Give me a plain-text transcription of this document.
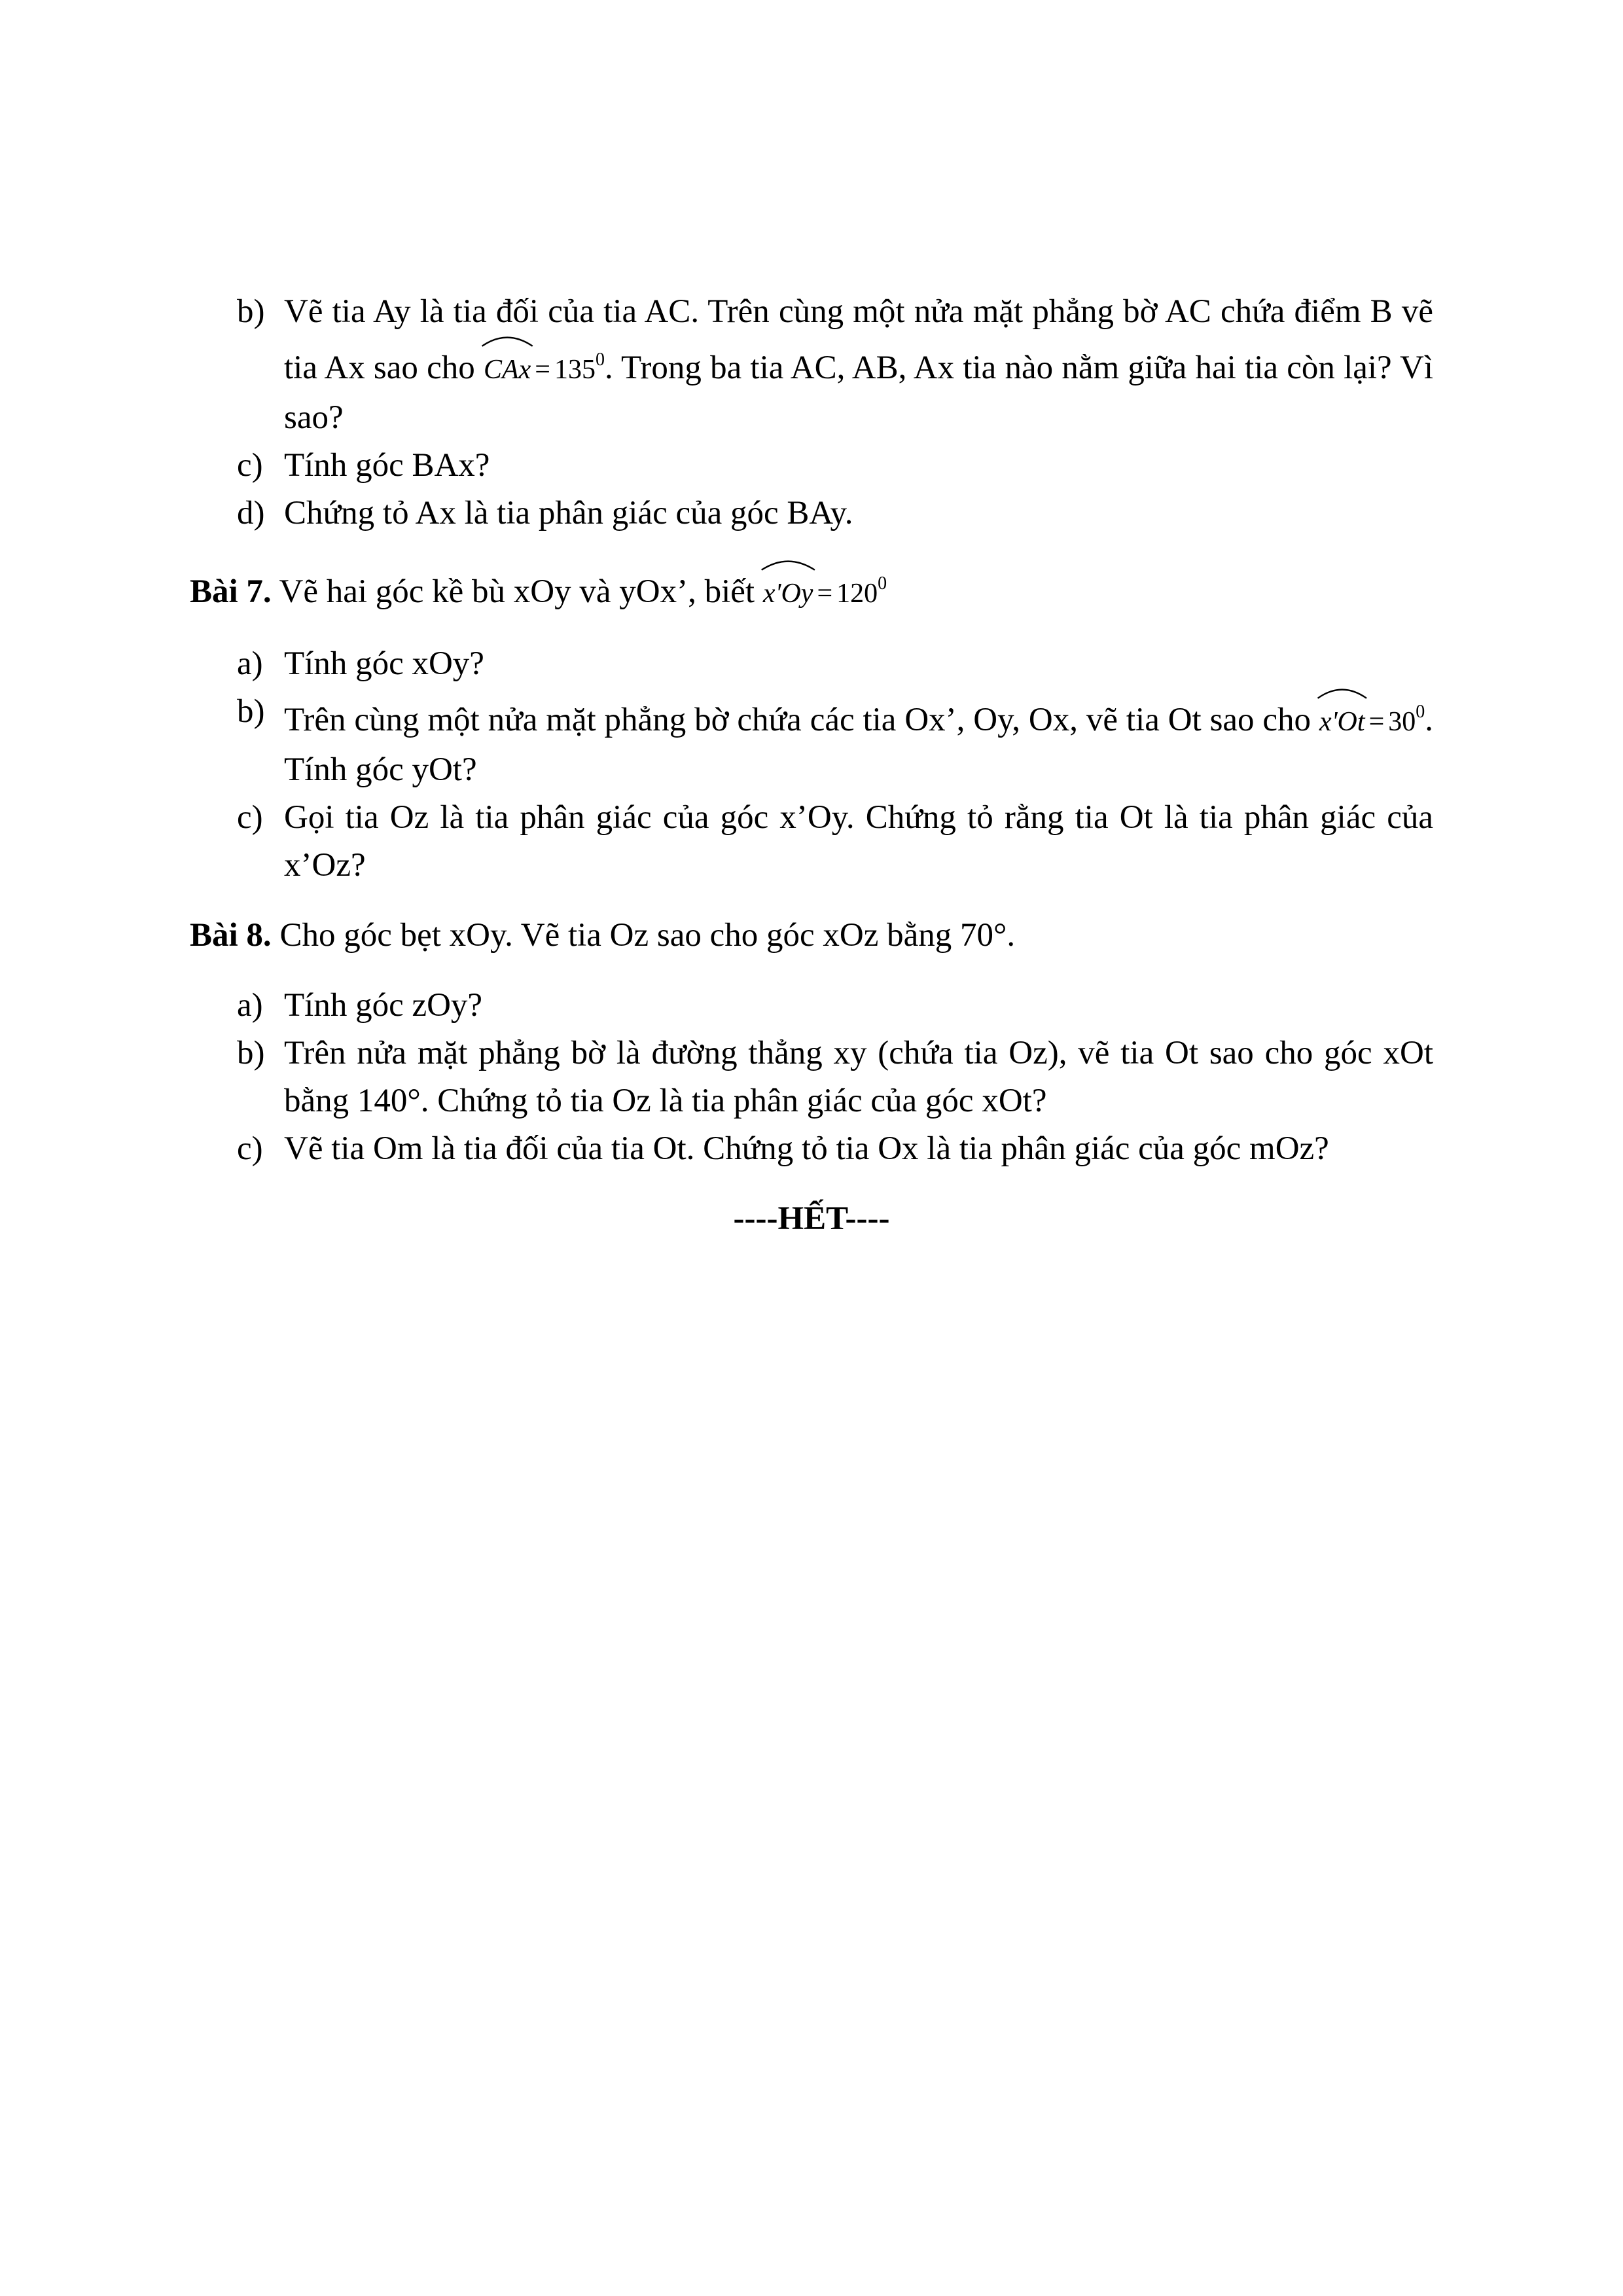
b) Vẽ tia Ay là tia đối của tia AC. Trên cùng một nửa mặt phẳng bờ AC chứa điểm B vẽ tia Ax sao cho
CAx = $135^0$. Trong ba tia AC, AB, Ax tia nào nằm giữa hai tia còn lại? Vì sao?
c) Tính góc BAx?
d) Chứng tỏ Ax là tia phân giác của góc BAy.
Bài 7. Vẽ hai góc kề bù xOy và yOx’, biết
$x'Oy = 120^0$
a) Tính góc xOy?
b) Trên cùng một nửa mặt phẳng bờ chứa các tia Ox’, Oy, Ox, vẽ tia Ot sao cho
$x'Ot = 30^0$. Tính góc yOt?
c) Gọi tia Oz là tia phân giác của góc x’Oy. Chứng tỏ rằng tia Ot là tia phân giác của x’Oz?
Bài 8. Cho góc bẹt xOy. Vẽ tia Oz sao cho góc xOz bằng 70°.
a) Tính góc zOy?
b) Trên nửa mặt phẳng bờ là đường thẳng xy (chứa tia Oz), vẽ tia Ot sao cho góc xOt bằng 140°. Chứng tỏ tia Oz là tia phân giác của góc xOt?
c) Vẽ tia Om là tia đối của tia Ot. Chứng tỏ tia Ox là tia phân giác của góc mOz?
----HẾT----
